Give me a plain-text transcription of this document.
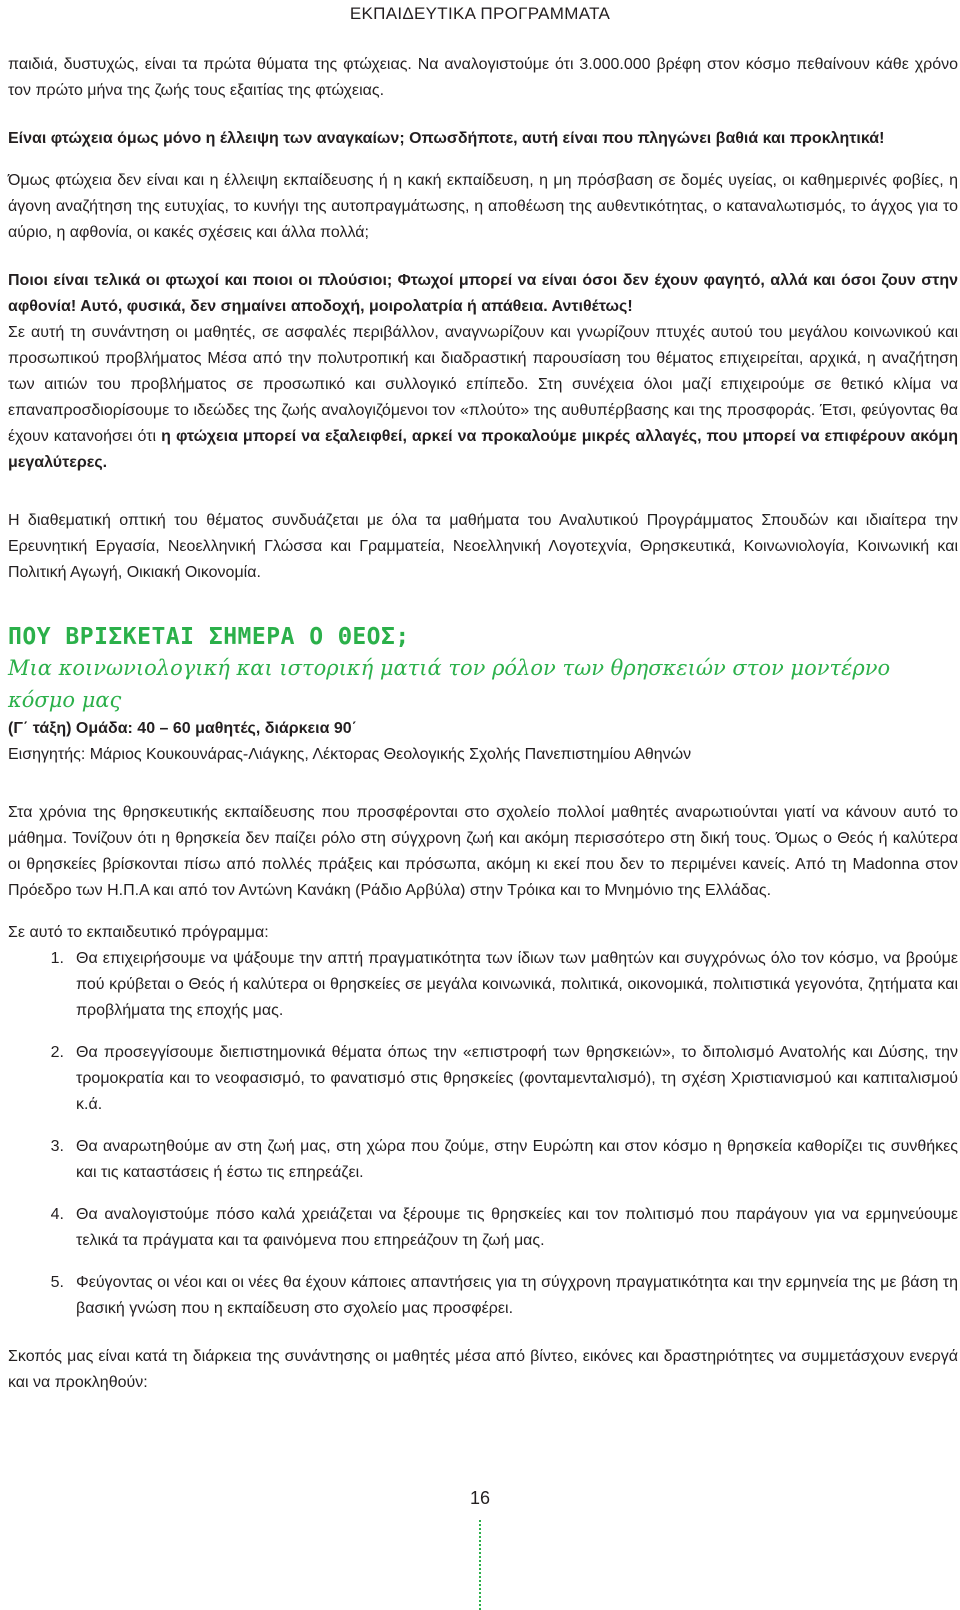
ΕΚΠΑΙΔΕΥΤΙΚΑ ΠΡΟΓΡΑΜΜΑΤΑ

παιδιά, δυστυχώς, είναι τα πρώτα θύματα της φτώχειας. Να αναλογιστούμε ότι 3.000.000 βρέφη στον κόσμο πεθαίνουν κάθε χρόνο τον πρώτο μήνα της ζωής τους εξαιτίας της φτώχειας.

Είναι φτώχεια όμως μόνο η έλλειψη των αναγκαίων; Οπωσδήποτε, αυτή είναι που πληγώνει βαθιά και προκλητικά!

Όμως φτώχεια δεν είναι και η έλλειψη εκπαίδευσης ή η κακή εκπαίδευση, η μη πρόσβαση σε δομές υγείας, οι καθημερινές φοβίες, η άγονη αναζήτηση της ευτυχίας, το κυνήγι της αυτοπραγμάτωσης, η αποθέωση της αυθεντικότητας, ο καταναλωτισμός, το άγχος για το αύριο, η αφθονία, οι κακές σχέσεις και άλλα πολλά;

Ποιοι είναι τελικά οι φτωχοί και ποιοι οι πλούσιοι; Φτωχοί μπορεί να είναι όσοι δεν έχουν φαγητό, αλλά και όσοι ζουν στην αφθονία! Αυτό, φυσικά, δεν σημαίνει αποδοχή, μοιρολατρία ή απάθεια. Αντιθέτως!

Σε αυτή τη συνάντηση οι μαθητές, σε ασφαλές περιβάλλον, αναγνωρίζουν και γνωρίζουν πτυχές αυτού του μεγάλου κοινωνικού και προσωπικού προβλήματος Μέσα από την πολυτροπική και διαδραστική παρουσίαση του θέματος επιχειρείται, αρχικά, η αναζήτηση των αιτιών του προβλήματος σε προσωπικό και συλλογικό επίπεδο. Στη συνέχεια όλοι μαζί επιχειρούμε σε θετικό κλίμα να επαναπροσδιορίσουμε το ιδεώδες της ζωής αναλογιζόμενοι τον «πλούτο» της αυθυπέρβασης και της προσφοράς. Έτσι, φεύγοντας θα έχουν κατανοήσει ότι η φτώχεια μπορεί να εξαλειφθεί, αρκεί να προκαλούμε μικρές αλλαγές, που μπορεί να επιφέρουν ακόμη μεγαλύτερες.

Η διαθεματική οπτική του θέματος συνδυάζεται με όλα τα μαθήματα του Αναλυτικού Προγράμματος Σπουδών και ιδιαίτερα την Ερευνητική Εργασία, Νεοελληνική Γλώσσα και Γραμματεία, Νεοελληνική Λογοτεχνία, Θρησκευτικά, Κοινωνιολογία, Κοινωνική και Πολιτική Αγωγή, Οικιακή Οικονομία.

ΠΟΥ ΒΡΙΣΚΕΤΑΙ ΣΗΜΕΡΑ Ο ΘΕΟΣ;
Μια κοινωνιολογική και ιστορική ματιά τον ρόλον των θρησκειών στον μοντέρνο κόσμο μας

(Γ΄ τάξη) Ομάδα: 40 – 60 μαθητές, διάρκεια 90΄

Εισηγητής: Μάριος Κουκουνάρας-Λιάγκης, Λέκτορας Θεολογικής Σχολής Πανεπιστημίου Αθηνών

Στα χρόνια της θρησκευτικής εκπαίδευσης που προσφέρονται στο σχολείο πολλοί μαθητές αναρωτιούνται γιατί να κάνουν αυτό το μάθημα. Τονίζουν ότι η θρησκεία δεν παίζει ρόλο στη σύγχρονη ζωή και ακόμη περισσότερο στη δική τους. Όμως ο Θεός ή καλύτερα οι θρησκείες βρίσκονται πίσω από πολλές πράξεις και πρόσωπα, ακόμη κι εκεί που δεν το περιμένει κανείς. Από τη Madonna στον Πρόεδρο των Η.Π.Α και από τον Αντώνη Κανάκη (Ράδιο Αρβύλα) στην Τρόικα και το Μνημόνιο της Ελλάδας.

Σε αυτό το εκπαιδευτικό πρόγραμμα:

1. Θα επιχειρήσουμε να ψάξουμε την απτή πραγματικότητα των ίδιων των μαθητών και συγχρόνως όλο τον κόσμο, να βρούμε πού κρύβεται ο Θεός ή καλύτερα οι θρησκείες σε μεγάλα κοινωνικά, πολιτικά, οικονομικά, πολιτιστικά γεγονότα, ζητήματα και προβλήματα της εποχής μας.
2. Θα προσεγγίσουμε διεπιστημονικά θέματα όπως την «επιστροφή των θρησκειών», το διπολισμό Ανατολής και Δύσης, την τρομοκρατία και το νεοφασισμό, το φανατισμό στις θρησκείες (φονταμενταλισμό), τη σχέση Χριστιανισμού και καπιταλισμού κ.ά.
3. Θα αναρωτηθούμε αν στη ζωή μας, στη χώρα που ζούμε, στην Ευρώπη και στον κόσμο η θρησκεία καθορίζει τις συνθήκες και τις καταστάσεις ή έστω τις επηρεάζει.
4. Θα αναλογιστούμε πόσο καλά χρειάζεται να ξέρουμε τις θρησκείες και τον πολιτισμό που παράγουν για να ερμηνεύουμε τελικά τα πράγματα και τα φαινόμενα που επηρεάζουν τη ζωή μας.
5. Φεύγοντας οι νέοι και οι νέες θα έχουν κάποιες απαντήσεις για τη σύγχρονη πραγματικότητα και την ερμηνεία της με βάση τη βασική γνώση που η εκπαίδευση στο σχολείο μας προσφέρει.

Σκοπός μας είναι κατά τη διάρκεια της συνάντησης οι μαθητές μέσα από βίντεο, εικόνες και δραστηριότητες να συμμετάσχουν ενεργά και να προκληθούν:

16
